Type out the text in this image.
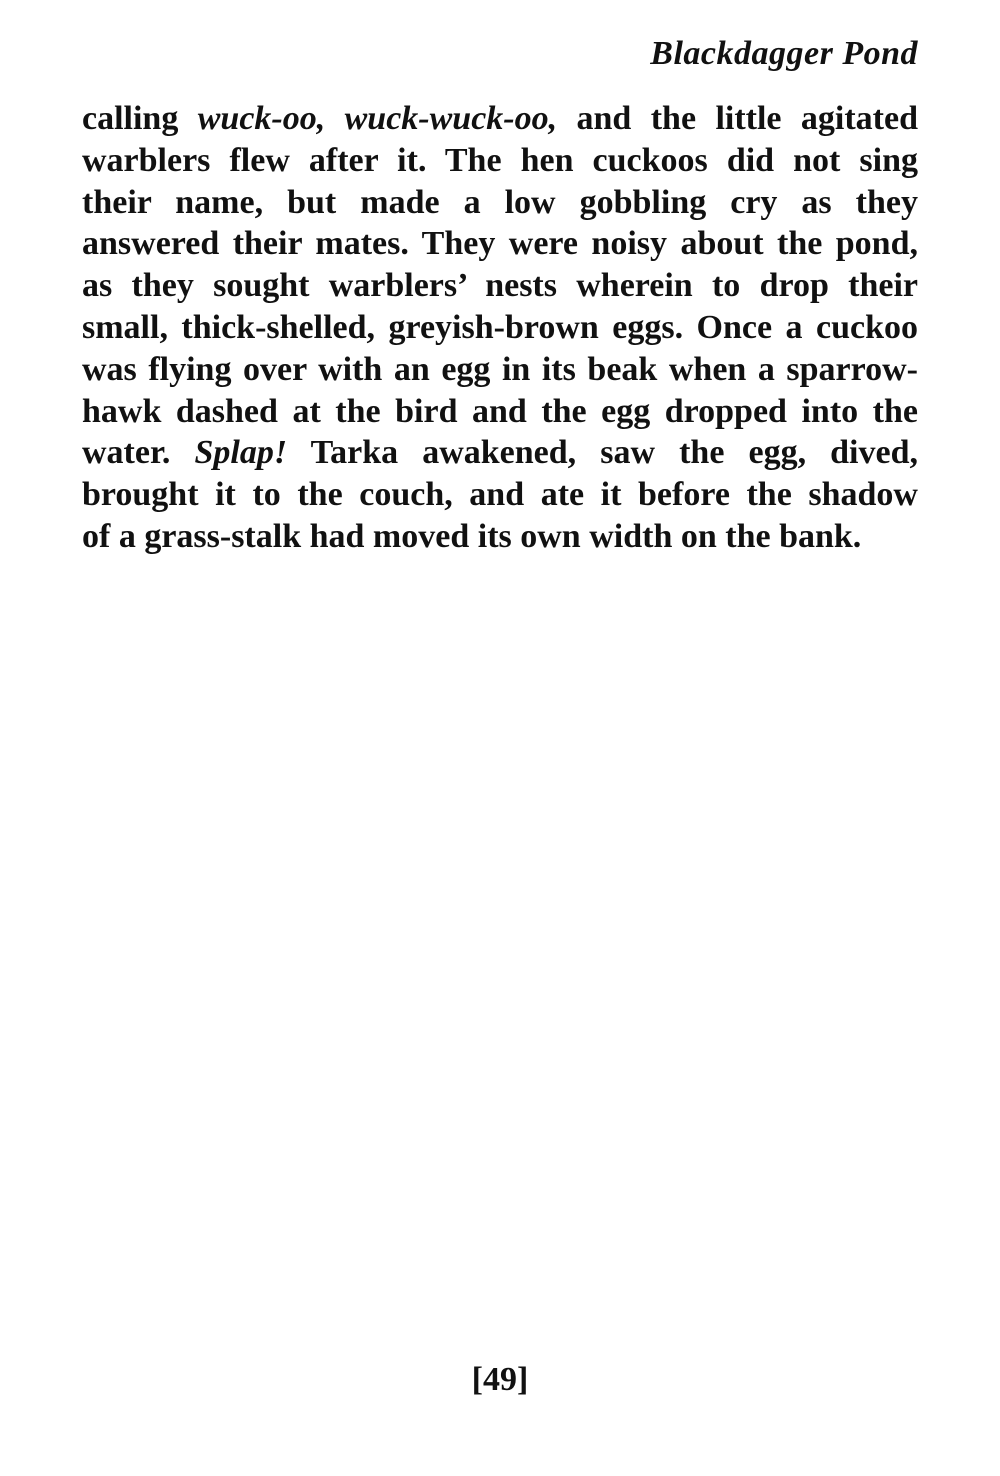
Blackdagger Pond
calling wuck-oo, wuck-wuck-oo, and the little agitated
warblers flew after it. The hen cuckoos did not sing
their name, but made a low gobbling cry as they
answered their mates. They were noisy about the pond,
as they sought warblers’ nests wherein to drop their
small, thick-shelled, greyish-brown eggs. Once a cuckoo
was flying over with an egg in its beak when a sparrow-
hawk dashed at the bird and the egg dropped into the
water. Splap! Tarka awakened, saw the egg, dived,
brought it to the couch, and ate it before the shadow
of a grass-stalk had moved its own width on the bank.
[49]
